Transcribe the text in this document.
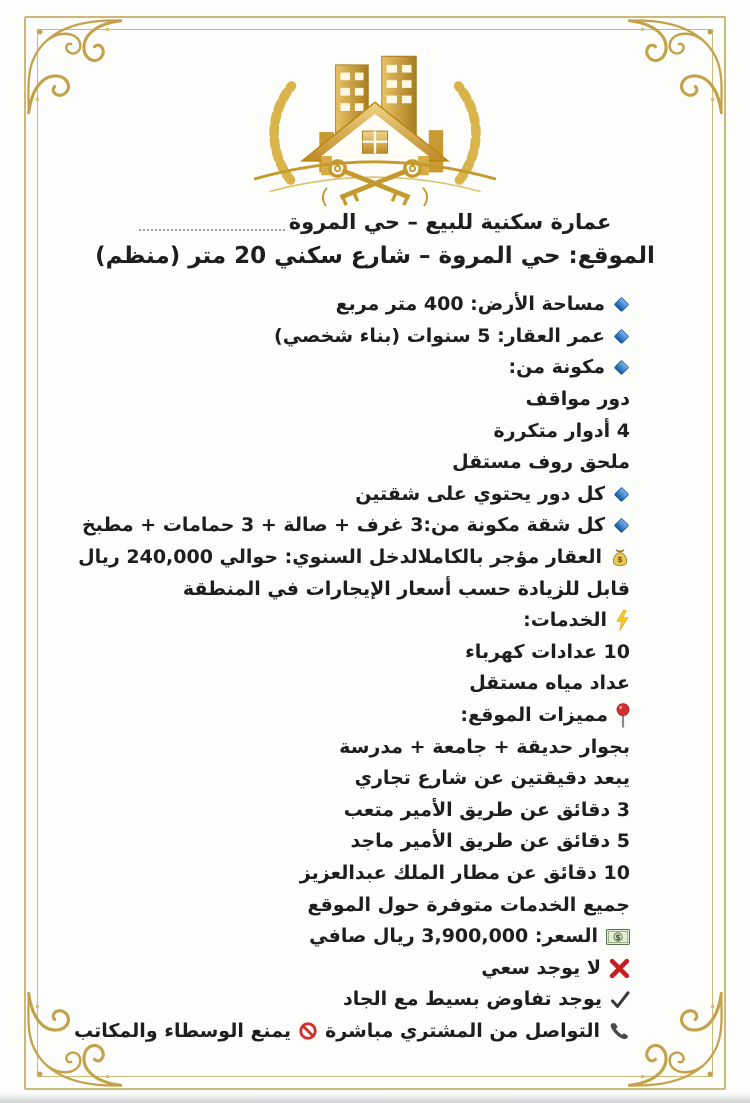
عمارة سكنية للبيع – حي المروة
الموقع: حي المروة – شارع سكني 20 متر (منظم)
مساحة الأرض: 400 متر مربع
عمر العقار: 5 سنوات (بناء شخصي)
مكونة من:
دور مواقف
4 أدوار متكررة
ملحق روف مستقل
كل دور يحتوي على شقتين
كل شقة مكونة من:3 غرف + صالة + 3 حمامات + مطبخ
$
العقار مؤجر بالكاملالدخل السنوي: حوالي 240,000 ريال
قابل للزيادة حسب أسعار الإيجارات في المنطقة
الخدمات:
10 عدادات كهرباء
عداد مياه مستقل
مميزات الموقع:
بجوار حديقة + جامعة + مدرسة
يبعد دقيقتين عن شارع تجاري
3 دقائق عن طريق الأمير متعب
5 دقائق عن طريق الأمير ماجد
10 دقائق عن مطار الملك عبدالعزيز
جميع الخدمات متوفرة حول الموقع
$
السعر: 3,900,000 ريال صافي
لا يوجد سعي
يوجد تفاوض بسيط مع الجاد
التواصل من المشتري مباشرة
يمنع الوسطاء والمكاتب
